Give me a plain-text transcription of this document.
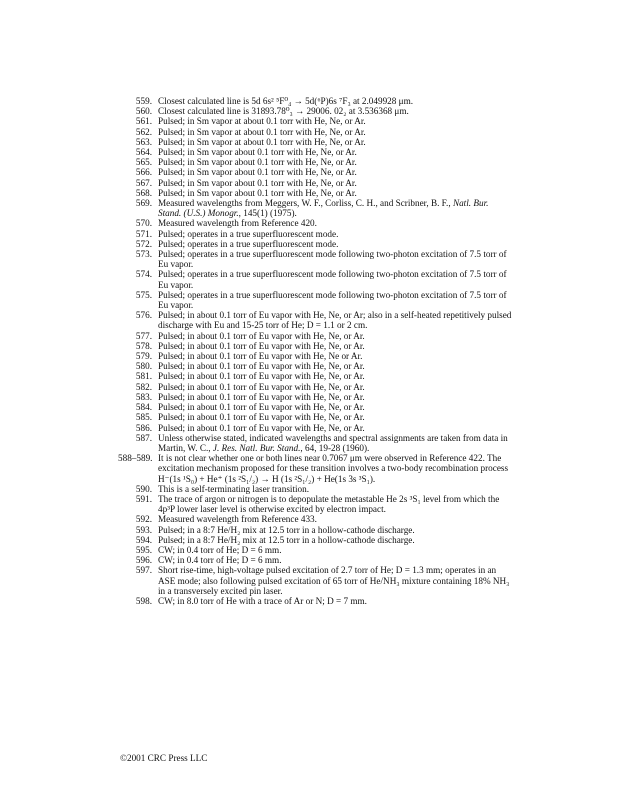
559. Closest calculated line is 5d 6s² ⁵F⁰₄ → 5d(⁶P)6s ⁷F₃ at 2.049928 μm.
560. Closest calculated line is 31893.78⁰₃ → 29006. 02₂ at 3.536368 μm.
561. Pulsed; in Sm vapor at about 0.1 torr with He, Ne, or Ar.
562. Pulsed; in Sm vapor at about 0.1 torr with He, Ne, or Ar.
563. Pulsed; in Sm vapor at about 0.1 torr with He, Ne, or Ar.
564. Pulsed; in Sm vapor about 0.1 torr with He, Ne, or Ar.
565. Pulsed; in Sm vapor about 0.1 torr with He, Ne, or Ar.
566. Pulsed; in Sm vapor about 0.1 torr with He, Ne, or Ar.
567. Pulsed; in Sm vapor about 0.1 torr with He, Ne, or Ar.
568. Pulsed; in Sm vapor about 0.1 torr with He, Ne, or Ar.
569. Measured wavelengths from Meggers, W. F., Corliss, C. H., and Scribner, B. F., Natl. Bur. Stand. (U.S.) Monogr., 145(1) (1975).
570. Measured wavelength from Reference 420.
571. Pulsed; operates in a true superfluorescent mode.
572. Pulsed; operates in a true superfluorescent mode.
573. Pulsed; operates in a true superfluorescent mode following two-photon excitation of 7.5 torr of Eu vapor.
574. Pulsed; operates in a true superfluorescent mode following two-photon excitation of 7.5 torr of Eu vapor.
575. Pulsed; operates in a true superfluorescent mode following two-photon excitation of 7.5 torr of Eu vapor.
576. Pulsed; in about 0.1 torr of Eu vapor with He, Ne, or Ar; also in a self-heated repetitively pulsed discharge with Eu and 15-25 torr of He; D = 1.1 or 2 cm.
577. Pulsed; in about 0.1 torr of Eu vapor with He, Ne, or Ar.
578. Pulsed; in about 0.1 torr of Eu vapor with He, Ne, or Ar.
579. Pulsed; in about 0.1 torr of Eu vapor with He, Ne or Ar.
580. Pulsed; in about 0.1 torr of Eu vapor with He, Ne, or Ar.
581. Pulsed; in about 0.1 torr of Eu vapor with He, Ne, or Ar.
582. Pulsed; in about 0.1 torr of Eu vapor with He, Ne, or Ar.
583. Pulsed; in about 0.1 torr of Eu vapor with He, Ne, or Ar.
584. Pulsed; in about 0.1 torr of Eu vapor with He, Ne, or Ar.
585. Pulsed; in about 0.1 torr of Eu vapor with He, Ne, or Ar.
586. Pulsed; in about 0.1 torr of Eu vapor with He, Ne, or Ar.
587. Unless otherwise stated, indicated wavelengths and spectral assignments are taken from data in Martin, W. C., J. Res. Natl. Bur. Stand., 64, 19-28 (1960).
588–589. It is not clear whether one or both lines near 0.7067 μm were observed in Reference 422. The excitation mechanism proposed for these transition involves a two-body recombination process H⁻(1s ¹S₀) + He⁺ (1s ²S₁/₂) → H (1s ²S₁/₂) + He(1s 3s ³S₁).
590. This is a self-terminating laser transition.
591. The trace of argon or nitrogen is to depopulate the metastable He 2s ³S₁ level from which the 4p³P lower laser level is otherwise excited by electron impact.
592. Measured wavelength from Reference 433.
593. Pulsed; in a 8:7 He/H₂ mix at 12.5 torr in a hollow-cathode discharge.
594. Pulsed; in a 8:7 He/H₂ mix at 12.5 torr in a hollow-cathode discharge.
595. CW; in 0.4 torr of He; D = 6 mm.
596. CW; in 0.4 torr of He; D = 6 mm.
597. Short rise-time, high-voltage pulsed excitation of 2.7 torr of He; D = 1.3 mm; operates in an ASE mode; also following pulsed excitation of 65 torr of He/NH₃ mixture containing 18% NH₃ in a transversely excited pin laser.
598. CW; in 8.0 torr of He with a trace of Ar or N; D = 7 mm.
©2001 CRC Press LLC
